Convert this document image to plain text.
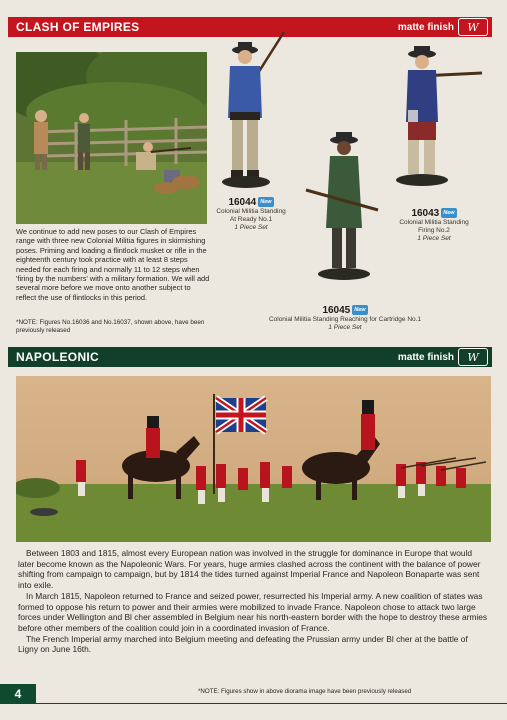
CLASH OF EMPIRES	matte finish	W
16044 New
Colonial Militia Standing
At Ready No.1
1 Piece Set
16045 New
Colonial Militia Standing Reaching for Cartridge No.1
1 Piece Set
16043 New
Colonial Militia Standing
Firing No.2
1 Piece Set
We continue to add new poses to our Clash of Empires range with three new Colonial Militia figures in skirmishing poses. Priming and loading a flintlock musket or rifle in the eighteenth century took practice with at least 8 steps needed for each firing and normally 11 to 12 steps when 'firing by the numbers' with a military formation. We will add several more before we move onto another subject to reflect the use of flintlocks in this period.
*NOTE: Figures No.16036 and No.16037, shown above, have been previously released
NAPOLEONIC	matte finish	W

Between 1803 and 1815, almost every European nation was involved in the struggle for dominance in Europe that would later become known as the Napoleonic Wars. For years, huge armies clashed across the continent with the balance of power shifting from campaign to campaign, but by 1814 the tides turned against Imperial France and Napoleon Bonaparte was sent into exile.

In March 1815, Napoleon returned to France and seized power, resurrected his Imperial army. A new coalition of states was formed to oppose his return to power and their armies were mobilized to invade France. Napoleon chose to attack two large forces under Wellington and Bl cher assembled in Belgium near his north-eastern border with the hope to destroy these armies before other members of the coalition could join in a coordinated invasion of France.

The French Imperial army marched into Belgium meeting and defeating the Prussian army under Bl cher at the battle of Ligny on June 16th.

4	*NOTE: Figures show in above diorama image have been previously released
